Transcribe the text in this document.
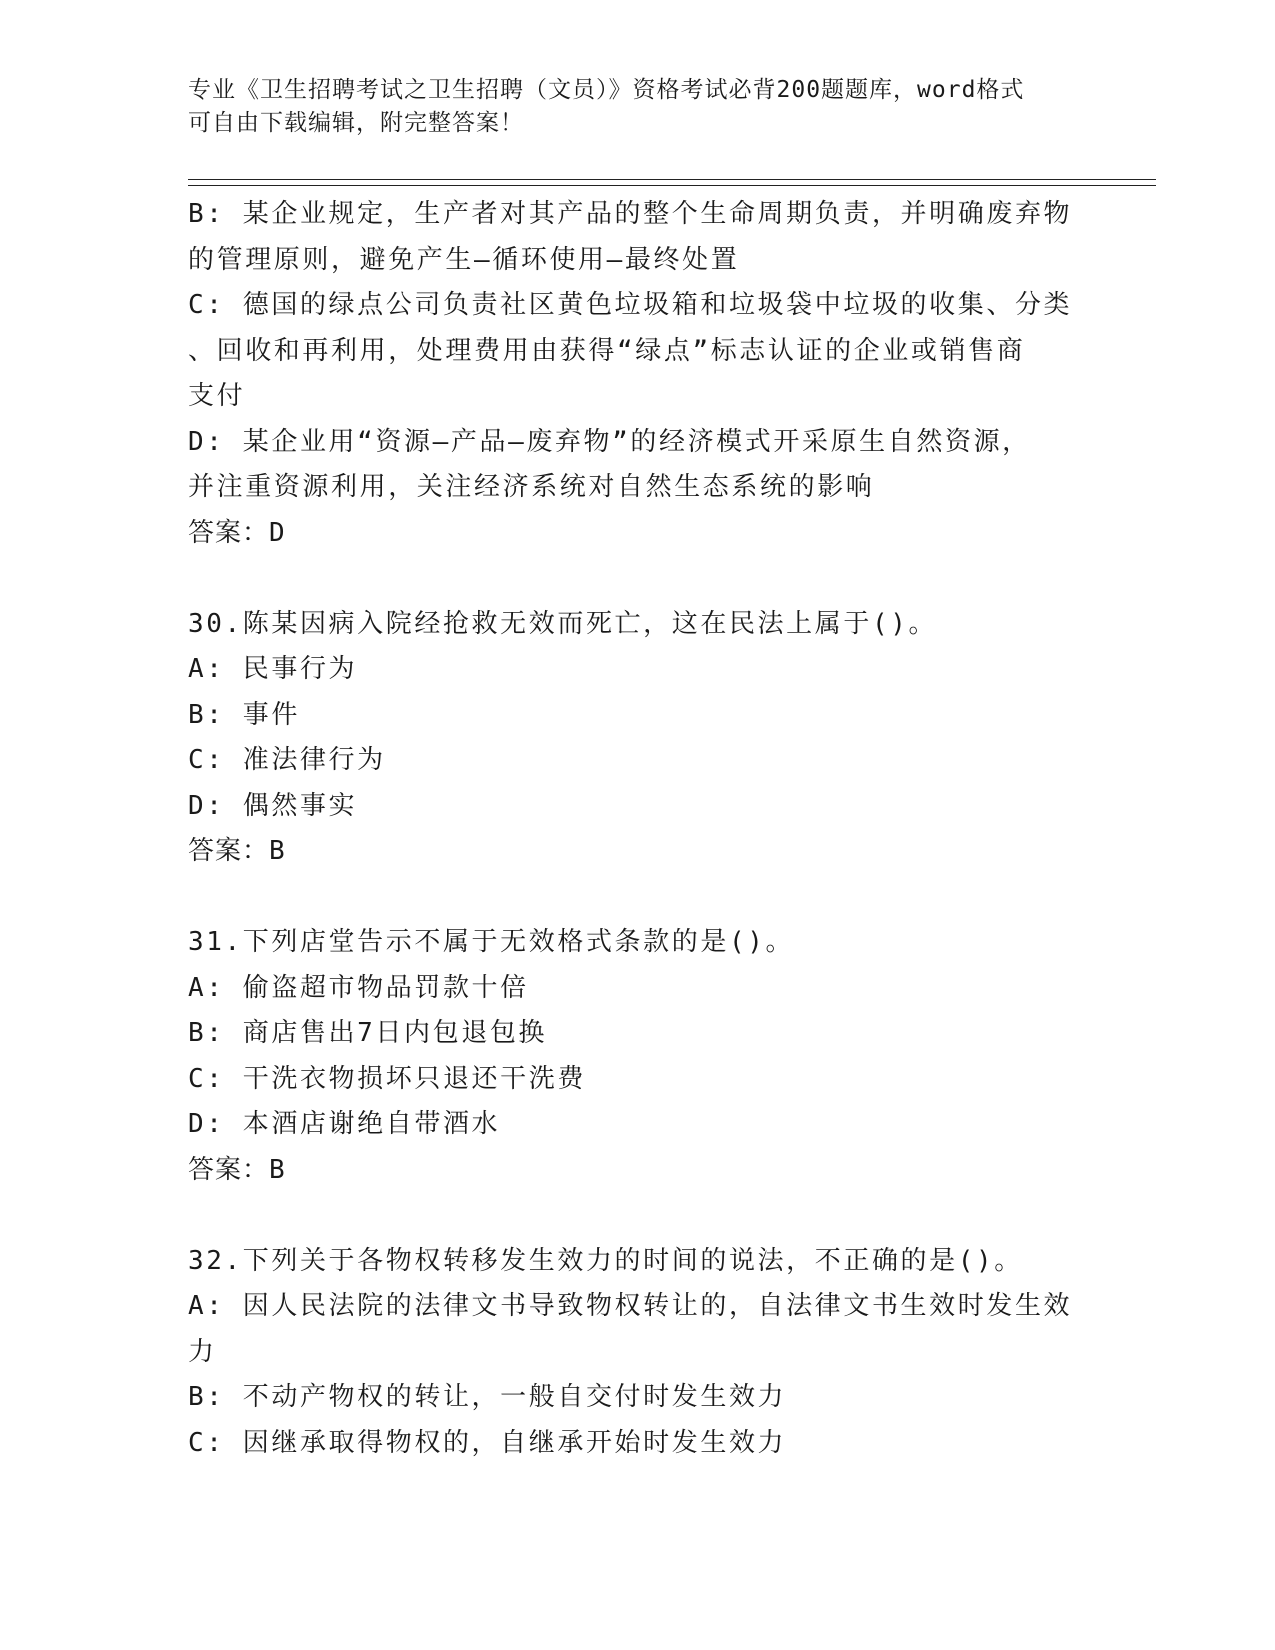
专业《卫生招聘考试之卫生招聘（文员）》资格考试必背200题题库，word格式
可自由下载编辑，附完整答案！
B: 某企业规定，生产者对其产品的整个生命周期负责，并明确废弃物
的管理原则，避免产生—循环使用—最终处置
C: 德国的绿点公司负责社区黄色垃圾箱和垃圾袋中垃圾的收集、分类
、回收和再利用，处理费用由获得“绿点”标志认证的企业或销售商
支付
D: 某企业用“资源—产品—废弃物”的经济模式开采原生自然资源，
并注重资源利用，关注经济系统对自然生态系统的影响
答案：D
30.陈某因病入院经抢救无效而死亡，这在民法上属于()。
A: 民事行为
B: 事件
C: 准法律行为
D: 偶然事实
答案：B
31.下列店堂告示不属于无效格式条款的是()。
A: 偷盗超市物品罚款十倍
B: 商店售出7日内包退包换
C: 干洗衣物损坏只退还干洗费
D: 本酒店谢绝自带酒水
答案：B
32.下列关于各物权转移发生效力的时间的说法，不正确的是()。
A: 因人民法院的法律文书导致物权转让的，自法律文书生效时发生效
力
B: 不动产物权的转让，一般自交付时发生效力
C: 因继承取得物权的，自继承开始时发生效力
